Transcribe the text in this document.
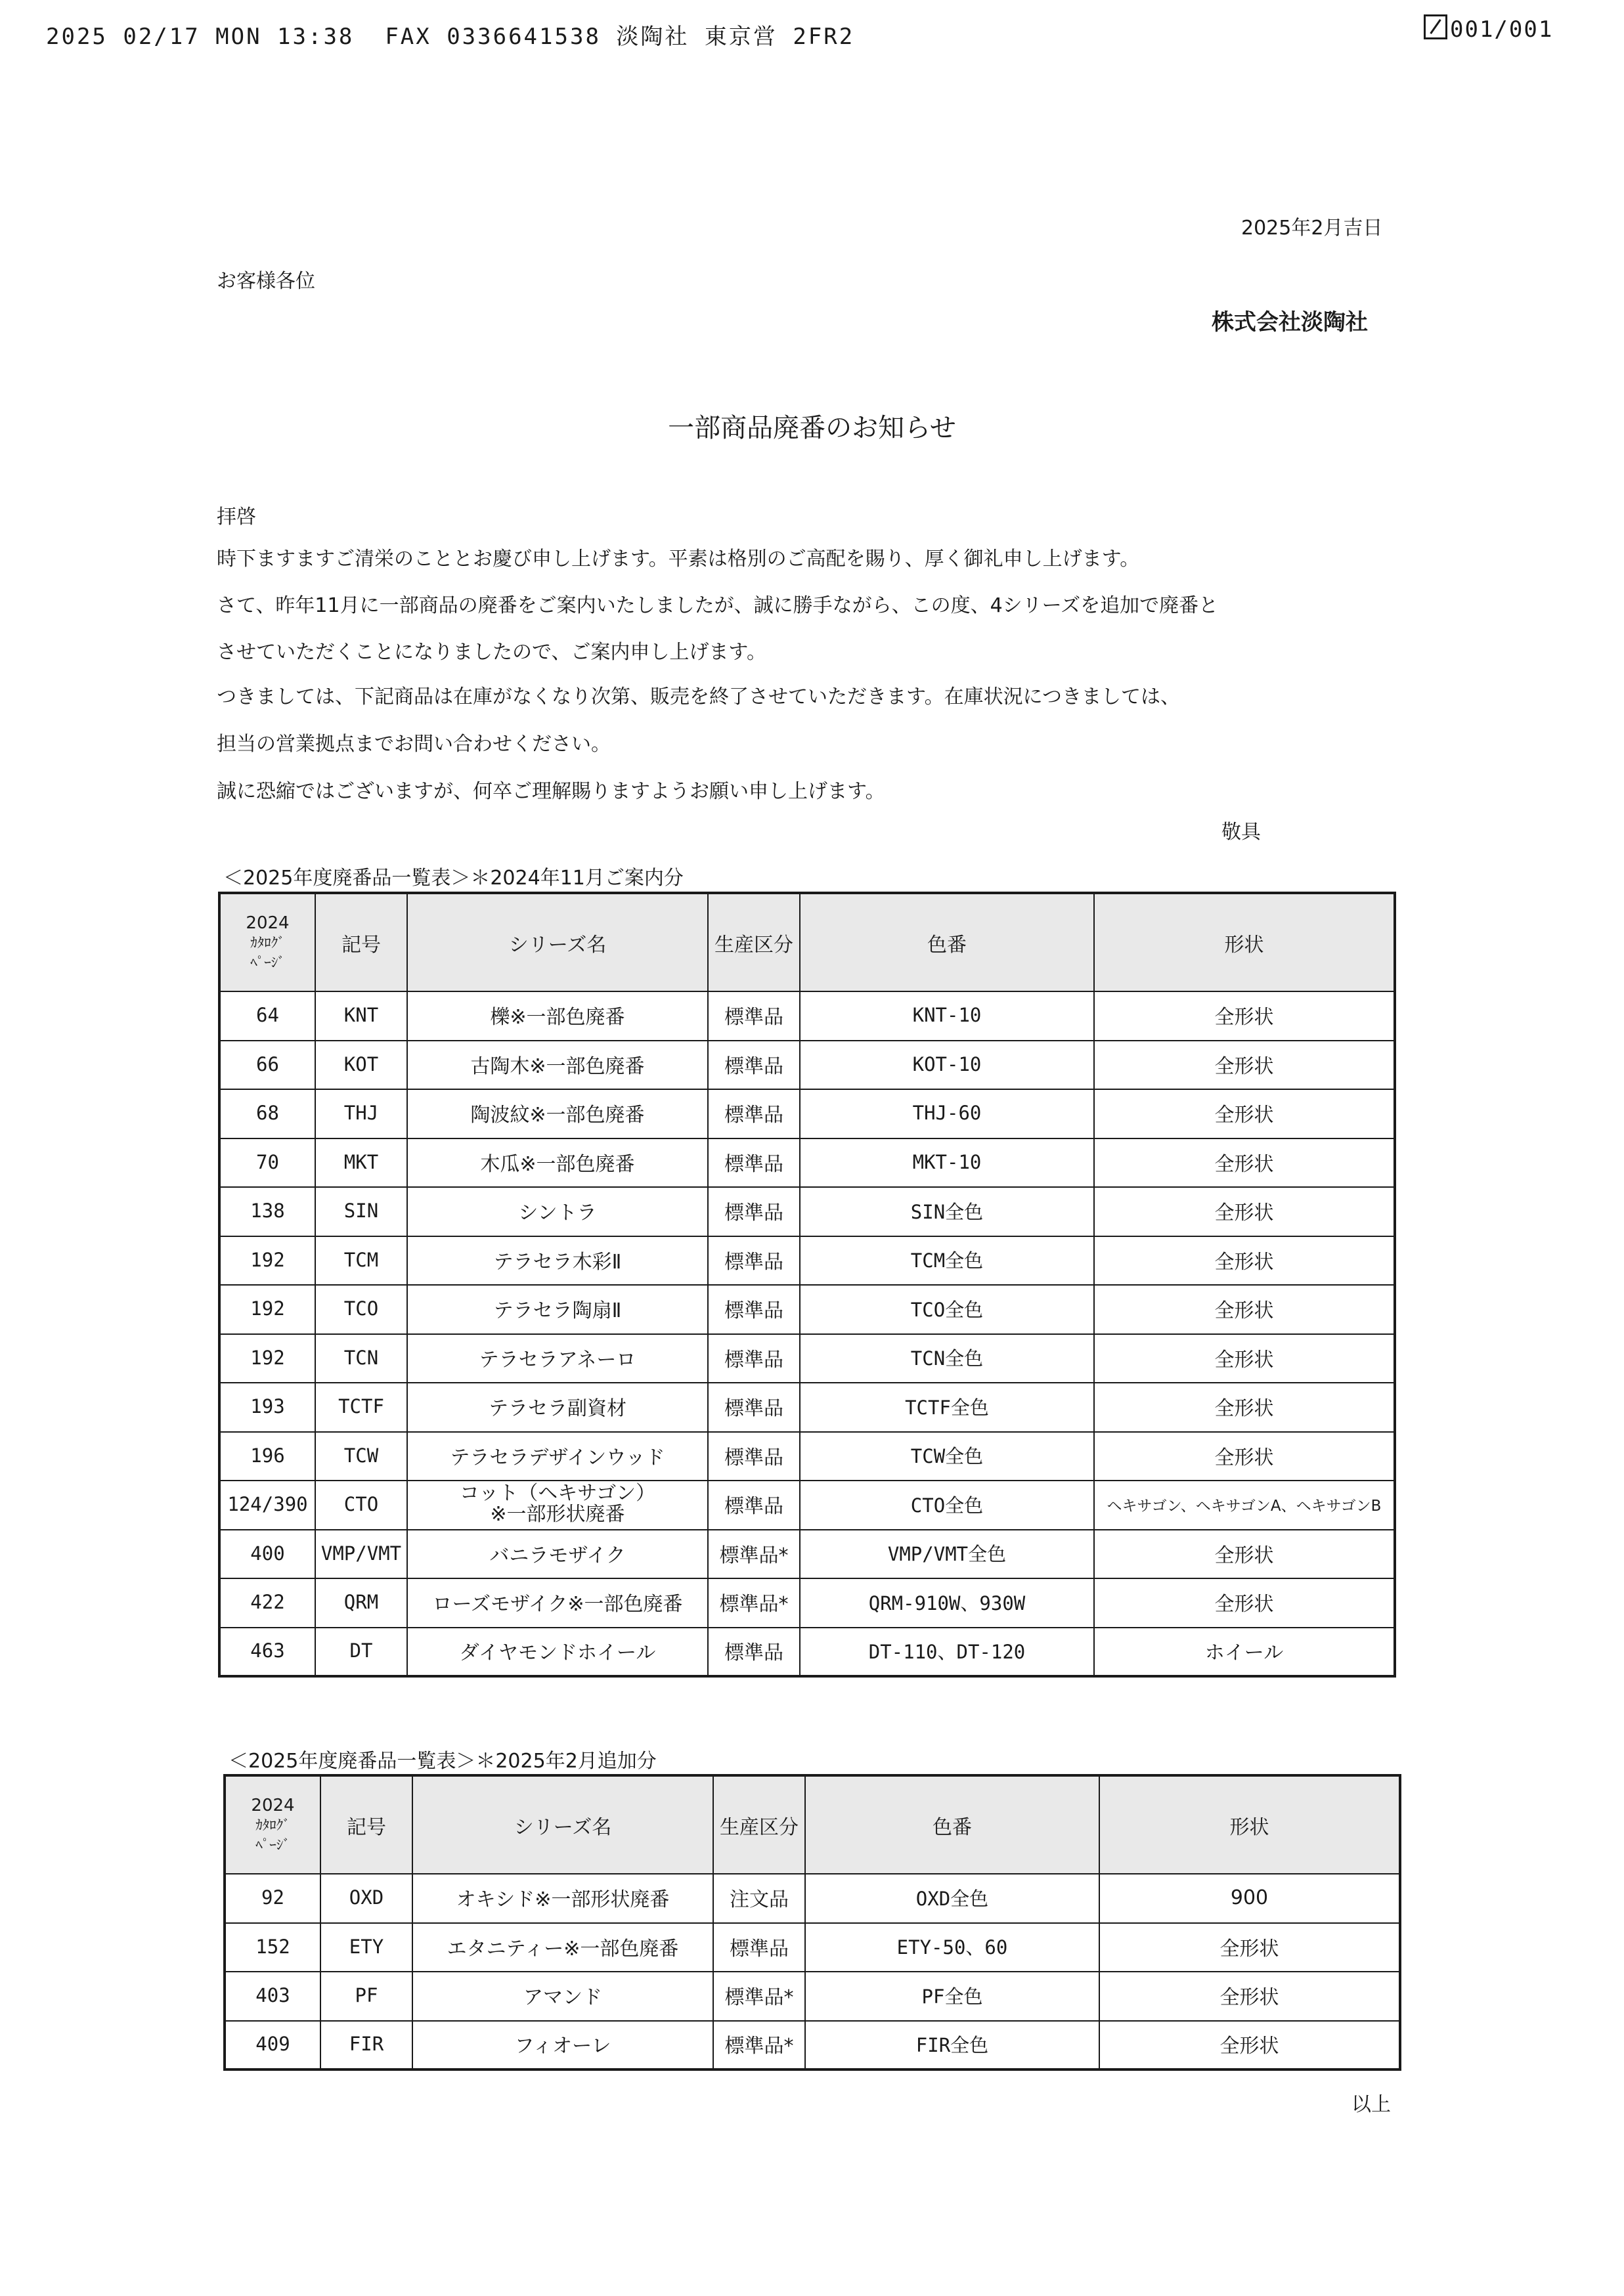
2025 02/17 MON 13:38  FAX 0336641538 淡陶社 東京営 2FR2	001/001
2025年2月吉日
お客様各位
株式会社淡陶社
一部商品廃番のお知らせ
拝啓
時下ますますご清栄のこととお慶び申し上げます。平素は格別のご高配を賜り、厚く御礼申し上げます。
さて、昨年11月に一部商品の廃番をご案内いたしましたが、誠に勝手ながら、この度、4シリーズを追加で廃番と
させていただくことになりましたので、ご案内申し上げます。
つきましては、下記商品は在庫がなくなり次第、販売を終了させていただきます。在庫状況につきましては、
担当の営業拠点までお問い合わせください。
誠に恐縮ではございますが、何卒ご理解賜りますようお願い申し上げます。
敬具
＜2025年度廃番品一覧表＞＊2024年11月ご案内分
2024
ｶﾀﾛｸﾞ
ﾍﾟｰｼﾞ	記号	シリーズ名	生産区分	色番	形状
64	KNT	櫟※一部色廃番	標準品	KNT-10	全形状
66	KOT	古陶木※一部色廃番	標準品	KOT-10	全形状
68	THJ	陶波紋※一部色廃番	標準品	THJ-60	全形状
70	MKT	木瓜※一部色廃番	標準品	MKT-10	全形状
138	SIN	シントラ	標準品	SIN全色	全形状
192	TCM	テラセラ木彩Ⅱ	標準品	TCM全色	全形状
192	TCO	テラセラ陶扇Ⅱ	標準品	TCO全色	全形状
192	TCN	テラセラアネーロ	標準品	TCN全色	全形状
193	TCTF	テラセラ副資材	標準品	TCTF全色	全形状
196	TCW	テラセラデザインウッド	標準品	TCW全色	全形状
124/390	CTO	コット（ヘキサゴン）
※一部形状廃番	標準品	CTO全色	ヘキサゴン、ヘキサゴンA、ヘキサゴンB
400	VMP/VMT	バニラモザイク	標準品*	VMP/VMT全色	全形状
422	QRM	ローズモザイク※一部色廃番	標準品*	QRM-910W、930W	全形状
463	DT	ダイヤモンドホイール	標準品	DT-110、DT-120	ホイール
＜2025年度廃番品一覧表＞＊2025年2月追加分
2024
ｶﾀﾛｸﾞ
ﾍﾟｰｼﾞ	記号	シリーズ名	生産区分	色番	形状
92	OXD	オキシド※一部形状廃番	注文品	OXD全色	900
152	ETY	エタニティー※一部色廃番	標準品	ETY-50、60	全形状
403	PF	アマンド	標準品*	PF全色	全形状
409	FIR	フィオーレ	標準品*	FIR全色	全形状
以上
